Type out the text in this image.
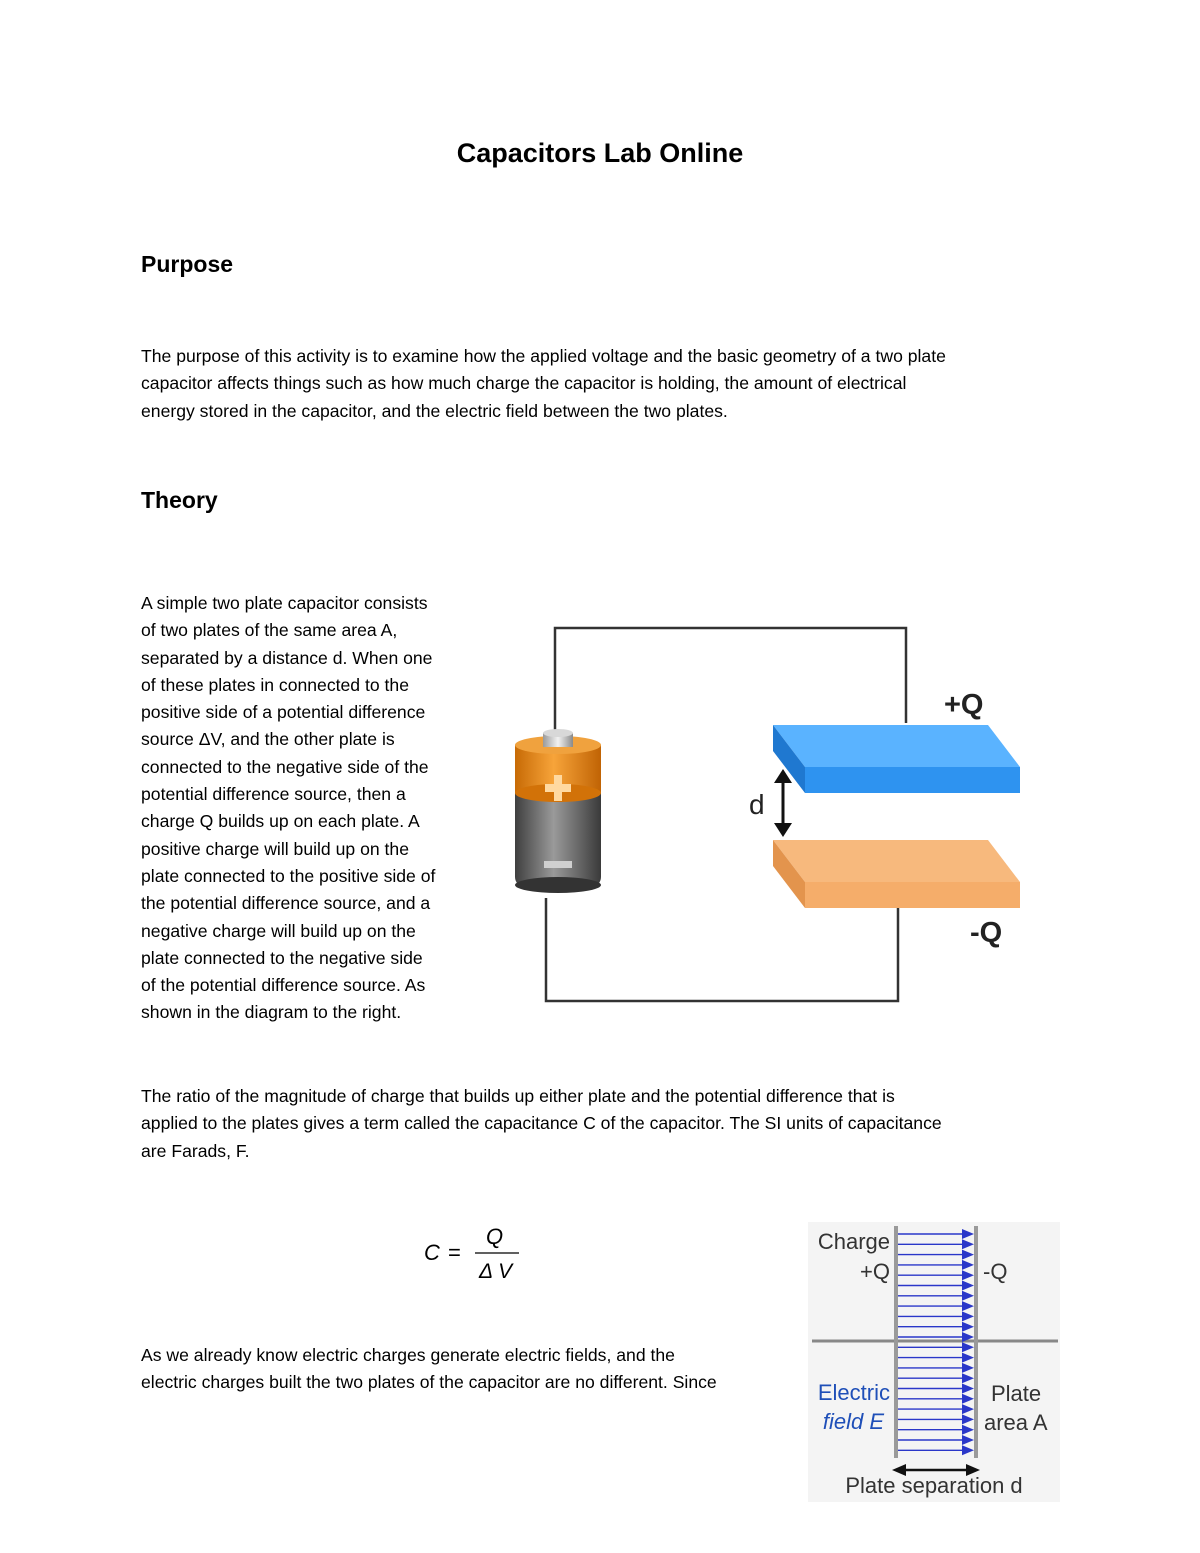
Capacitors Lab Online
Purpose
The purpose of this activity is to examine how the applied voltage and the basic geometry of a two plate
capacitor affects things such as how much charge the capacitor is holding, the amount of electrical
energy stored in the capacitor, and the electric field between the two plates.
Theory
A simple two plate capacitor consists
of two plates of the same area A,
separated by a distance d. When one
of these plates in connected to the
positive side of a potential difference
source ΔV, and the other plate is
connected to the negative side of the
potential difference source, then a
charge Q builds up on each plate. A
positive charge will build up on the
plate connected to the positive side of
the potential difference source, and a
negative charge will build up on the
plate connected to the negative side
of the potential difference source. As
shown in the diagram to the right.
d
+Q
-Q
The ratio of the magnitude of charge that builds up either plate and the potential difference that is
applied to the plates gives a term called the capacitance C of the capacitor. The SI units of capacitance
are Farads, F.
C =
Q
Δ V
As we already know electric charges generate electric fields, and the
electric charges built the two plates of the capacitor are no different. Since
Charge
+Q	-Q
Electric
field E
Plate
area A
Plate separation d
